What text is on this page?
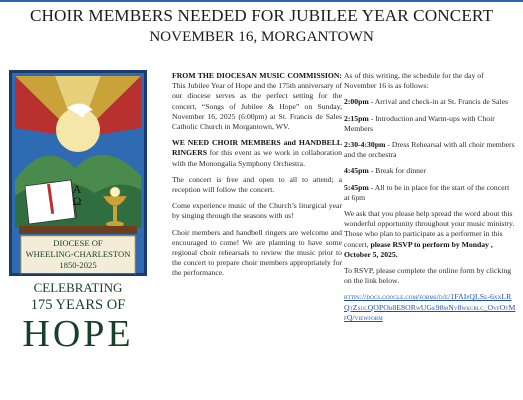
CHOIR MEMBERS NEEDED FOR JUBILEE YEAR CONCERT
NOVEMBER 16, MORGANTOWN
Α
Ω
DIOCESE OF
WHEELING-CHARLESTON
1850-2025
CELEBRATING
175 YEARS OF
HOPE

FROM THE DIOCESAN MUSIC COMMISSION: This Jubilee Year of Hope and the 175th anniversary of our diocese serves as the perfect setting for the concert, “Songs of Jubilee & Hope” on Sunday, November 16, 2025 (6:00pm) at St. Francis de Sales Catholic Church in Morgantown, WV.

WE NEED CHOIR MEMBERS and HANDBELL RINGERS for this event as we work in collaboration with the Monongalia Symphony Orchestra.

The concert is free and open to all to attend; a reception will follow the concert.

Come experience music of the Church’s liturgical year by singing through the seasons with us!

Choir members and handbell ringers are welcome and encouraged to come! We are planning to have some regional choir rehearsals to review the music prior to the concert to prepare choir members appropriately for the performance.

As of this writing, the schedule for the day of November 16 is as follows:

2:00pm - Arrival and check-in at St. Francis de Sales

2:15pm - Introduction and Warm-ups with Choir Members

2:30-4:30pm - Dress Rehearsal with all choir members and the orchestra

4:45pm - Break for dinner

5:45pm - All to be in place for the start of the concert at 6pm

We ask that you please help spread the word about this wonderful opportunity throughout your music ministry. Those who plan to participate as a performer in this concert, please RSVP to perform by Monday , October 5, 2025.

To RSVP, please complete the online form by clicking on the link below.

https://docs.google.com/forms/d/e/1FAIpQLSe-6xxLRQtZsucQOPOb8E8ORwUGk98mNv8wkcrlc_OvfOtMfQ/viewform
